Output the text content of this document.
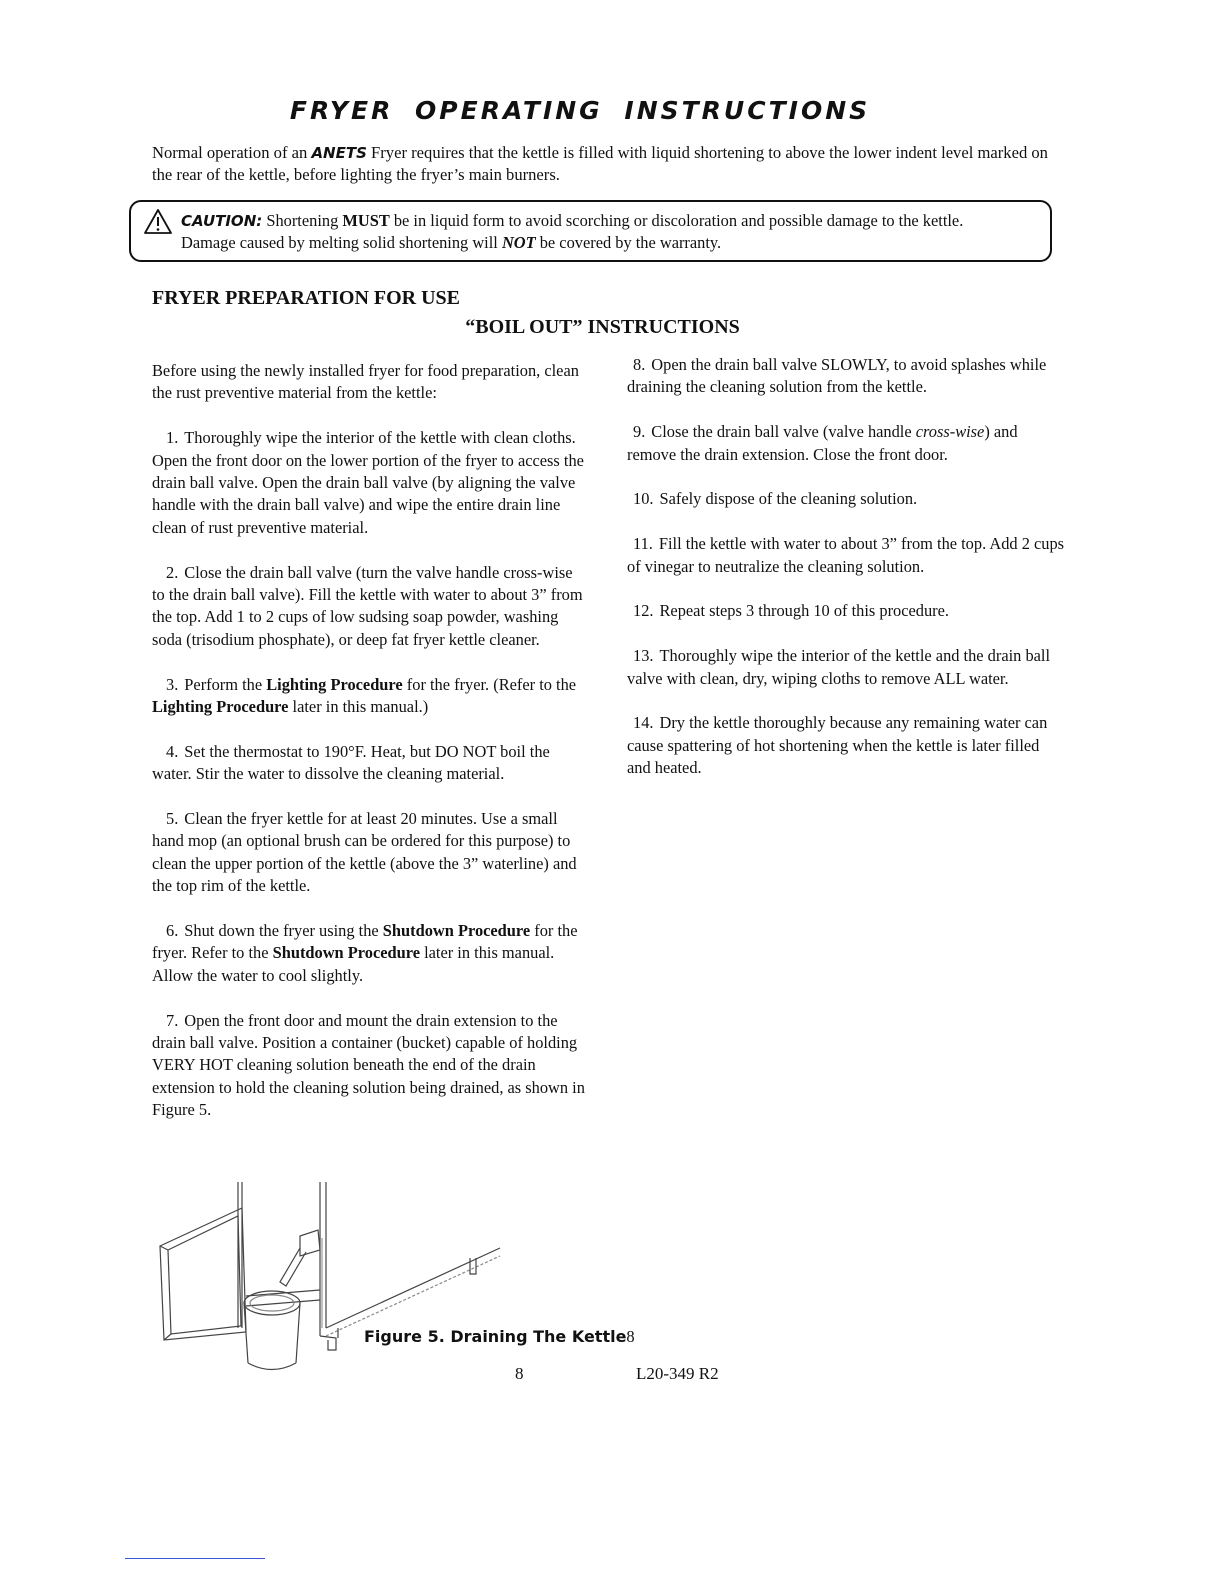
FRYER OPERATING INSTRUCTIONS
Normal operation of an ANETS Fryer requires that the kettle is filled with liquid shortening to above the lower indent level marked on the rear of the kettle, before lighting the fryer’s main burners.
CAUTION: Shortening MUST be in liquid form to avoid scorching or discoloration and possible damage to the kettle.
Damage caused by melting solid shortening will NOT be covered by the warranty.
FRYER PREPARATION FOR USE
“BOIL OUT” INSTRUCTIONS

Before using the newly installed fryer for food preparation, clean the rust preventive material from the kettle:

1. Thoroughly wipe the interior of the kettle with clean cloths. Open the front door on the lower portion of the fryer to access the drain ball valve. Open the drain ball valve (by aligning the valve handle with the drain ball valve) and wipe the entire drain line clean of rust preventive material.

2. Close the drain ball valve (turn the valve handle cross-wise to the drain ball valve). Fill the kettle with water to about 3” from the top. Add 1 to 2 cups of low sudsing soap powder, washing soda (trisodium phosphate), or deep fat fryer kettle cleaner.

3. Perform the Lighting Procedure for the fryer. (Refer to the Lighting Procedure later in this manual.)

4. Set the thermostat to 190°F. Heat, but DO NOT boil the water. Stir the water to dissolve the cleaning material.

5. Clean the fryer kettle for at least 20 minutes. Use a small hand mop (an optional brush can be ordered for this purpose) to clean the upper portion of the kettle (above the 3” waterline) and the top rim of the kettle.

6. Shut down the fryer using the Shutdown Procedure for the fryer. Refer to the Shutdown Procedure later in this manual. Allow the water to cool slightly.

7. Open the front door and mount the drain extension to the drain ball valve. Position a container (bucket) capable of holding VERY HOT cleaning solution beneath the end of the drain extension to hold the cleaning solution being drained, as shown in Figure 5.

8. Open the drain ball valve SLOWLY, to avoid splashes while draining the cleaning solution from the kettle.

9. Close the drain ball valve (valve handle cross-wise) and remove the drain extension. Close the front door.

10. Safely dispose of the cleaning solution.

11. Fill the kettle with water to about 3” from the top. Add 2 cups of vinegar to neutralize the cleaning solution.

12. Repeat steps 3 through 10 of this procedure.

13. Thoroughly wipe the interior of the kettle and the drain ball valve with clean, dry, wiping cloths to remove ALL water.

14. Dry the kettle thoroughly because any remaining water can cause spattering of hot shortening when the kettle is later filled and heated.

Figure 5. Draining The Kettle8
8	L20-349 R2
